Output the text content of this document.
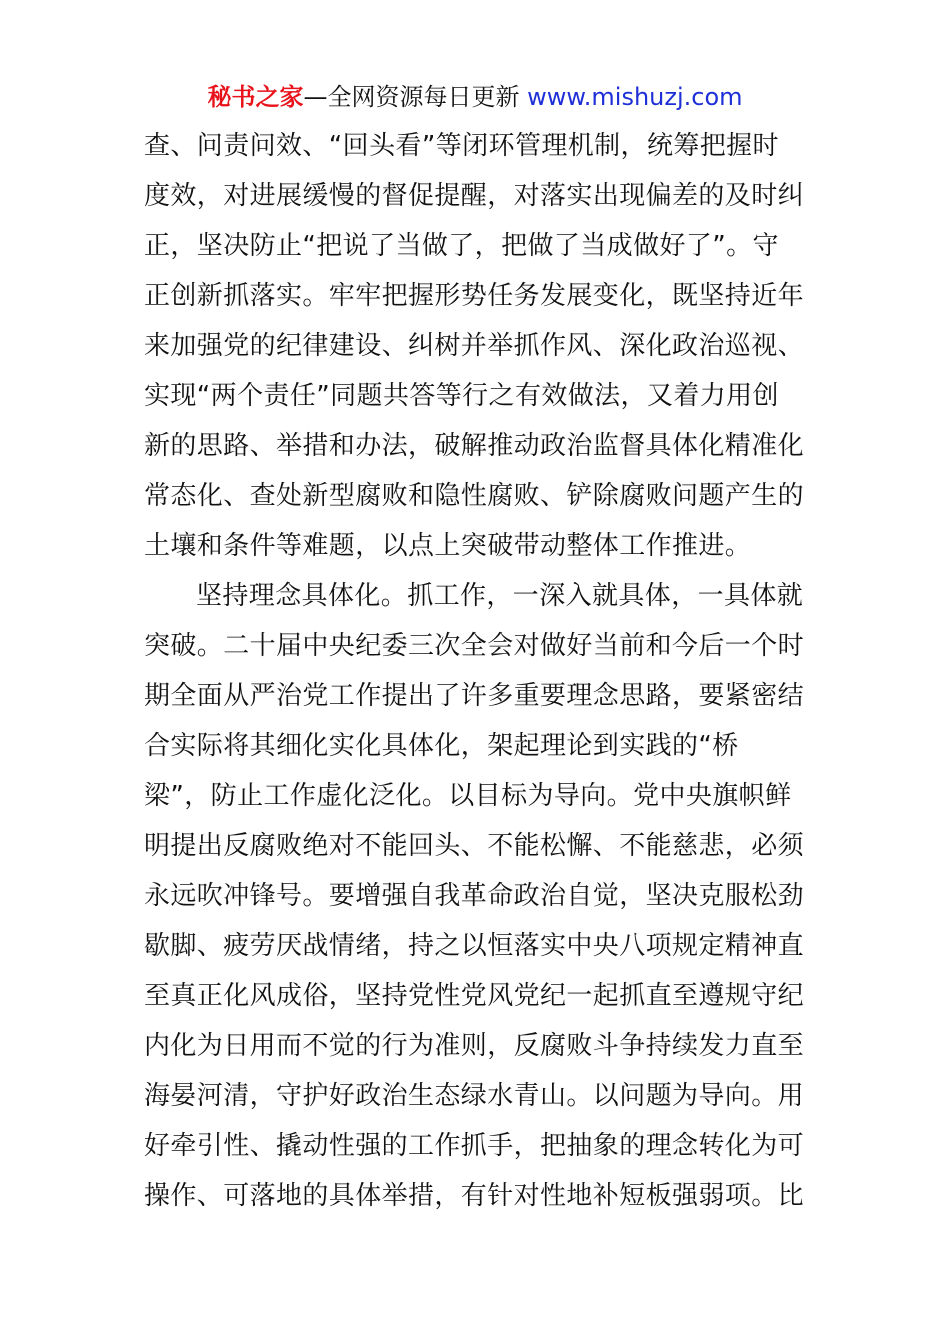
秘书之家—全网资源每日更新 www.mishuzj.com
查、问责问效、“回头看”等闭环管理机制，统筹把握时
度效，对进展缓慢的督促提醒，对落实出现偏差的及时纠
正，坚决防止“把说了当做了，把做了当成做好了”。守
正创新抓落实。牢牢把握形势任务发展变化，既坚持近年
来加强党的纪律建设、纠树并举抓作风、深化政治巡视、
实现“两个责任”同题共答等行之有效做法，又着力用创
新的思路、举措和办法，破解推动政治监督具体化精准化
常态化、查处新型腐败和隐性腐败、铲除腐败问题产生的
土壤和条件等难题，以点上突破带动整体工作推进。
坚持理念具体化。抓工作，一深入就具体，一具体就
突破。二十届中央纪委三次全会对做好当前和今后一个时
期全面从严治党工作提出了许多重要理念思路，要紧密结
合实际将其细化实化具体化，架起理论到实践的“桥
梁”，防止工作虚化泛化。以目标为导向。党中央旗帜鲜
明提出反腐败绝对不能回头、不能松懈、不能慈悲，必须
永远吹冲锋号。要增强自我革命政治自觉，坚决克服松劲
歇脚、疲劳厌战情绪，持之以恒落实中央八项规定精神直
至真正化风成俗，坚持党性党风党纪一起抓直至遵规守纪
内化为日用而不觉的行为准则，反腐败斗争持续发力直至
海晏河清，守护好政治生态绿水青山。以问题为导向。用
好牵引性、撬动性强的工作抓手，把抽象的理念转化为可
操作、可落地的具体举措，有针对性地补短板强弱项。比
